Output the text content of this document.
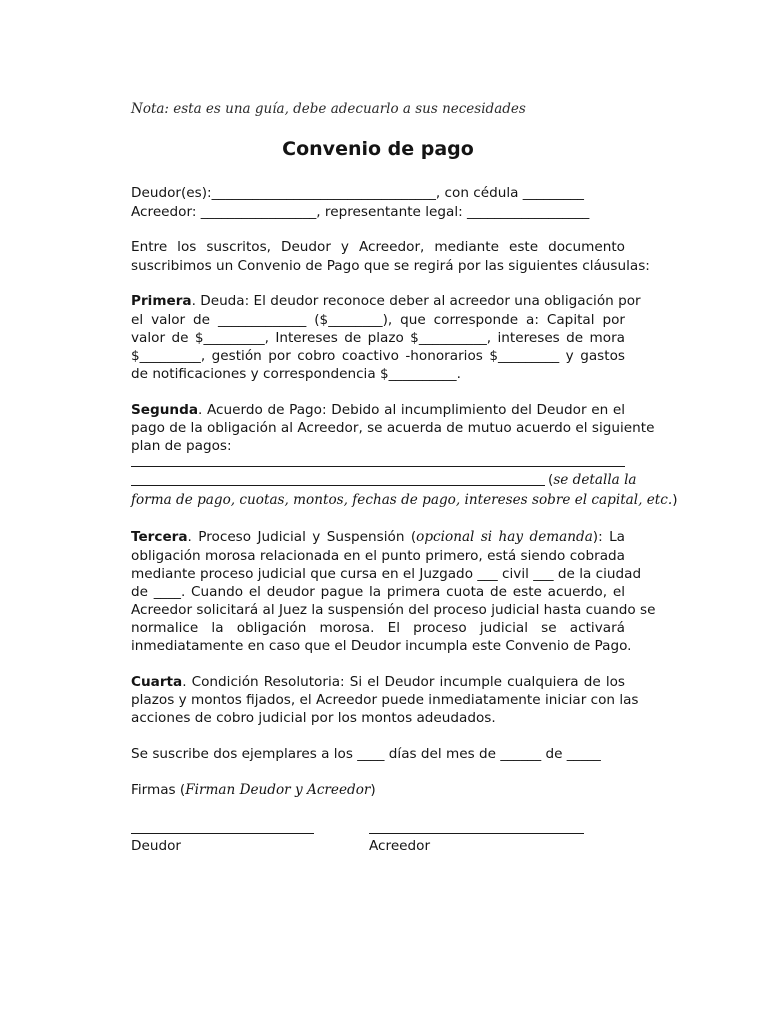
Nota: esta es una guía, debe adecuarlo a sus necesidades
Convenio de pago
Deudor(es):_________________________________, con cédula _________
Acreedor: _________________, representante legal: __________________
Entre los suscritos, Deudor y Acreedor, mediante este documento
suscribimos un Convenio de Pago que se regirá por las siguientes cláusulas:
Primera. Deuda: El deudor reconoce deber al acreedor una obligación por
el valor de _____________ ($________), que corresponde a: Capital por
valor de $_________, Intereses de plazo $__________, intereses de mora
$_________, gestión por cobro coactivo -honorarios $_________ y gastos
de notificaciones y correspondencia $__________.
Segunda. Acuerdo de Pago: Debido al incumplimiento del Deudor en el
pago de la obligación al Acreedor, se acuerda de mutuo acuerdo el siguiente
plan de pagos:
(se detalla la
forma de pago, cuotas, montos, fechas de pago, intereses sobre el capital, etc.)
Tercera. Proceso Judicial y Suspensión (opcional si hay demanda): La
obligación morosa relacionada en el punto primero, está siendo cobrada
mediante proceso judicial que cursa en el Juzgado ___ civil ___ de la ciudad
de ____. Cuando el deudor pague la primera cuota de este acuerdo, el
Acreedor solicitará al Juez la suspensión del proceso judicial hasta cuando se
normalice la obligación morosa. El proceso judicial se activará
inmediatamente en caso que el Deudor incumpla este Convenio de Pago.
Cuarta. Condición Resolutoria: Si el Deudor incumple cualquiera de los
plazos y montos fijados, el Acreedor puede inmediatamente iniciar con las
acciones de cobro judicial por los montos adeudados.
Se suscribe dos ejemplares a los ____ días del mes de ______ de _____
Firmas (Firman Deudor y Acreedor)
Deudor	Acreedor
